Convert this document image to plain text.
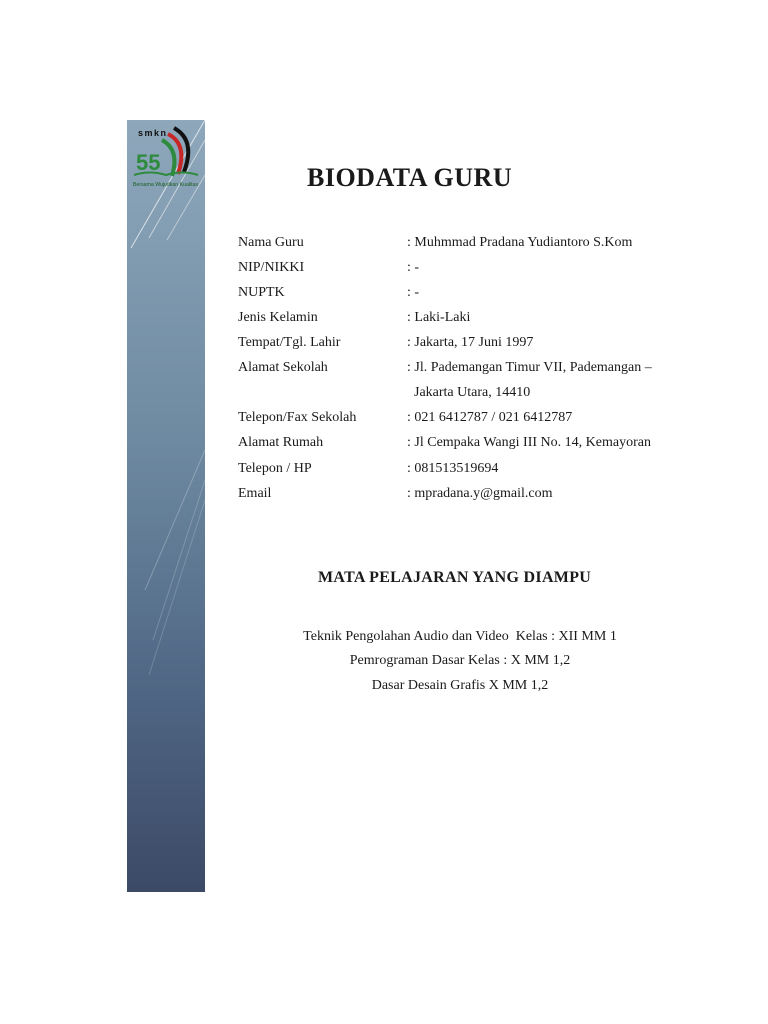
smkn
55
Bersama Wujudkan Kualitas	BIODATA GURU
Nama Guru	: Muhmmad Pradana Yudiantoro S.Kom
NIP/NIKKI	: -
NUPTK	: -
Jenis Kelamin	: Laki-Laki
Tempat/Tgl. Lahir	: Jakarta, 17 Juni 1997
Alamat Sekolah	: Jl. Pademangan Timur VII, Pademangan –
Jakarta Utara, 14410
Telepon/Fax Sekolah	: 021 6412787 / 021 6412787
Alamat Rumah	: Jl Cempaka Wangi III No. 14, Kemayoran
Telepon / HP	: 081513519694
Email	: mpradana.y@gmail.com
MATA PELAJARAN YANG DIAMPU
Teknik Pengolahan Audio dan Video  Kelas : XII MM 1
Pemrograman Dasar Kelas : X MM 1,2
Dasar Desain Grafis X MM 1,2
